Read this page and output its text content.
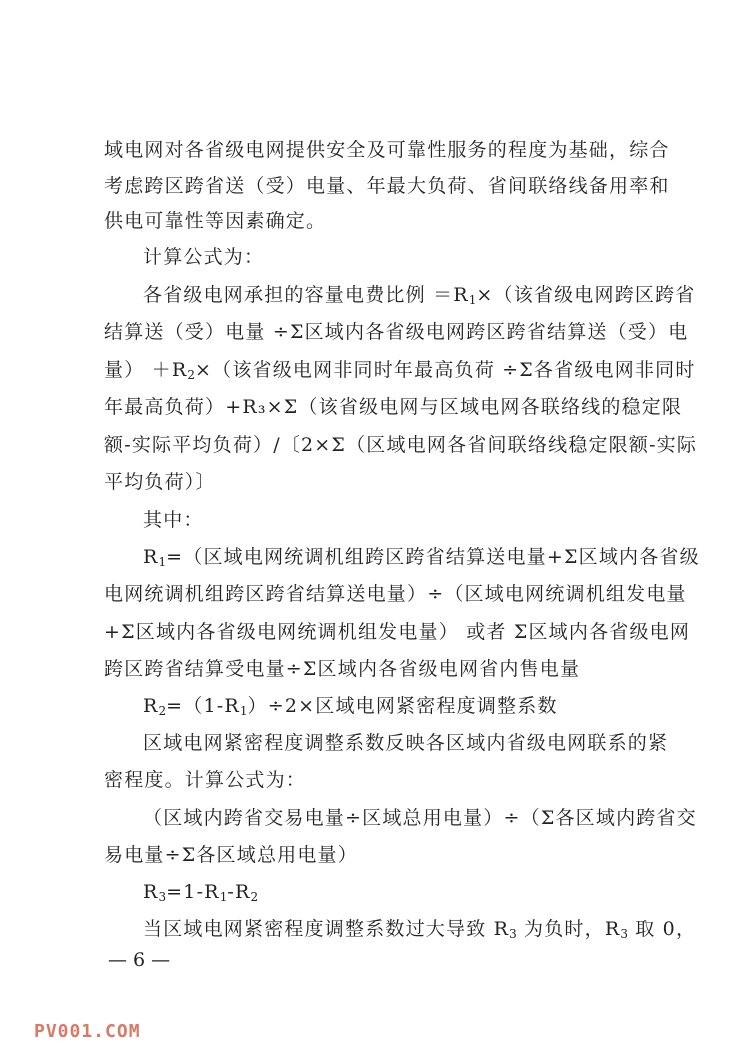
域电网对各省级电网提供安全及可靠性服务的程度为基础，综合
考虑跨区跨省送（受）电量、年最大负荷、省间联络线备用率和
供电可靠性等因素确定。
计算公式为：
各省级电网承担的容量电费比例 $=R_1\times$（该省级电网跨区跨省
结算送（受）电量 ÷Σ区域内各省级电网跨区跨省结算送（受）电
量） $+R_2\times$（该省级电网非同时年最高负荷 ÷Σ各省级电网非同时
年最高负荷）+R₃×Σ（该省级电网与区域电网各联络线的稳定限
额-实际平均负荷）/〔2×Σ（区域电网各省间联络线稳定限额-实际
平均负荷）〕
其中：
$R_1=$（区域电网统调机组跨区跨省结算送电量+Σ区域内各省级
电网统调机组跨区跨省结算送电量）÷（区域电网统调机组发电量
+Σ区域内各省级电网统调机组发电量） 或者 Σ区域内各省级电网
跨区跨省结算受电量÷Σ区域内各省级电网省内售电量
$R_2=(1-R_1)\div 2\times$区域电网紧密程度调整系数
区域电网紧密程度调整系数反映各区域内省级电网联系的紧
密程度。计算公式为：
（区域内跨省交易电量÷区域总用电量）÷（Σ各区域内跨省交
易电量÷Σ各区域总用电量）
$R_3=1-R_1-R_2$
当区域电网紧密程度调整系数过大导致 $R_3$ 为负时，$R_3$ 取 0，
— 6 —
PV001.COM
